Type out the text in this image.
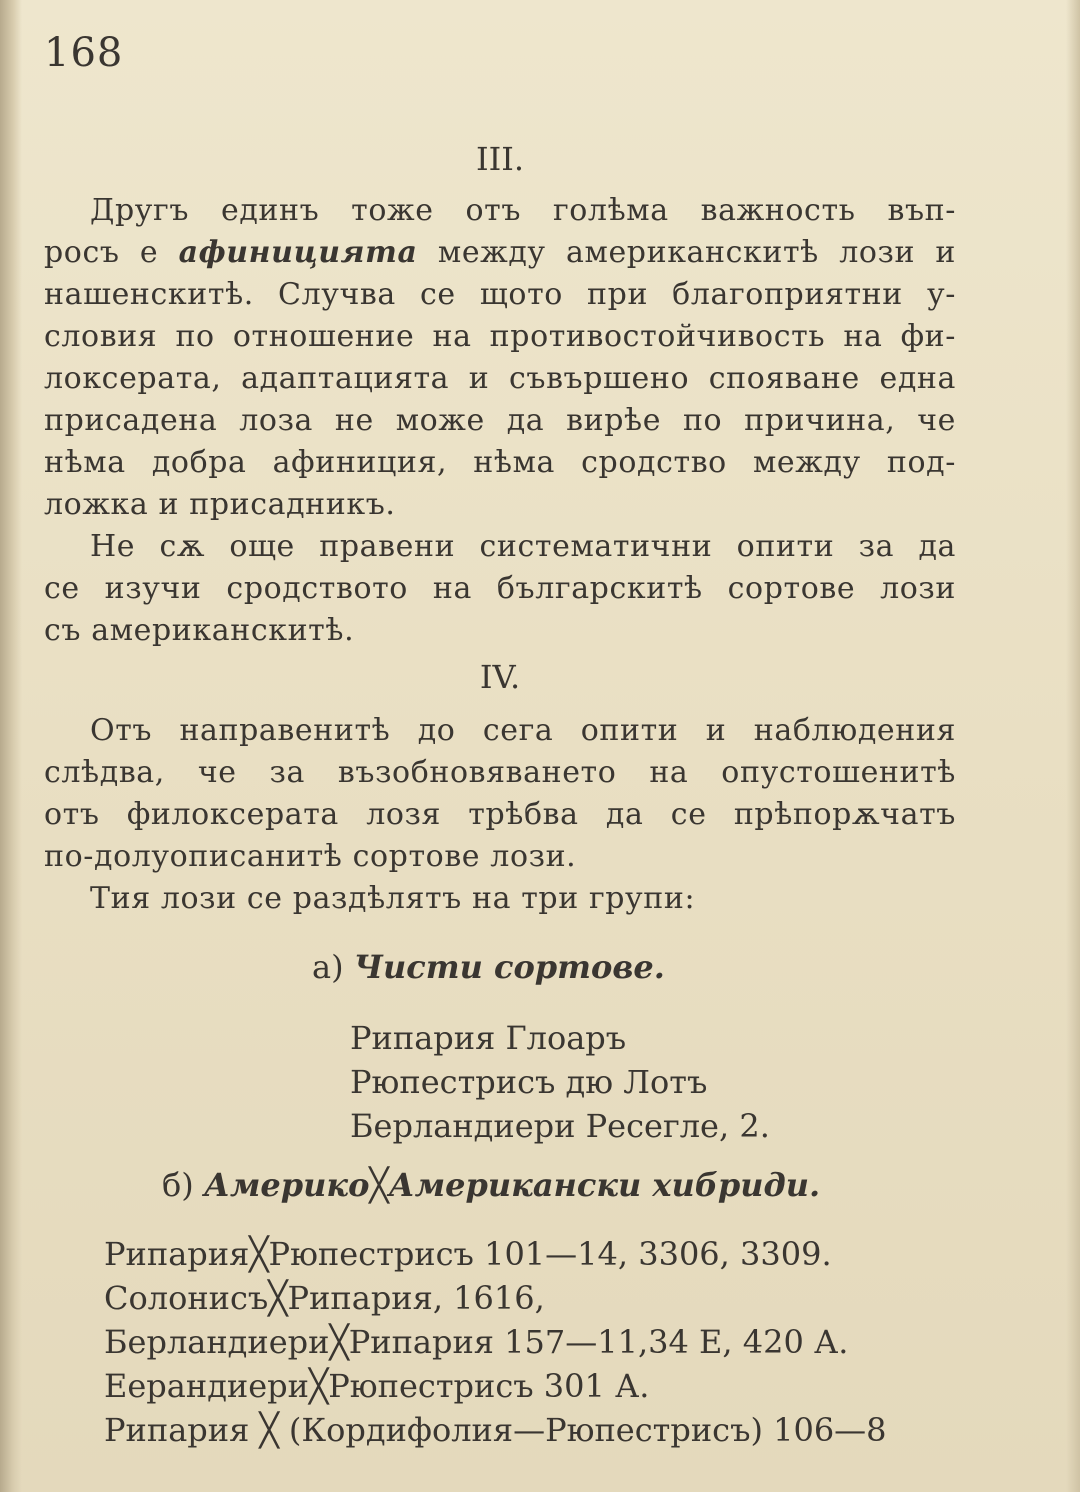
168
III.
Другъ единъ тоже отъ голѣма важность въп-
росъ е афиницията между американскитѣ лози и
нашенскитѣ. Случва се щото при благоприятни у-
словия по отношение на противостойчивость на фи-
локсерата, адаптацията и съвършено спояване една
присадена лоза не може да вирѣе по причина, че
нѣма добра афиниция, нѣма сродство между под-
ложка и присадникъ.
Не сѫ още правени систематични опити за да
се изучи сродството на българскитѣ сортове лози
съ американскитѣ.
IV.
Отъ направенитѣ до сега опити и наблюдения
слѣдва, че за възобновяването на опустошенитѣ
отъ филоксерата лозя трѣбва да се прѣпорѫчатъ
по-долуописанитѣ сортове лози.
Тия лози се раздѣлятъ на три групи:
а) Чисти сортове.
Рипария Глоаръ
Рюпестрисъ дю Лотъ
Берландиери Ресегле, 2.
б) Америко╳Американски хибриди.
Рипария╳Рюпестрисъ 101—14, 3306, 3309.
Солонисъ╳Рипария, 1616,
Берландиери╳Рипария 157—11,34 Е, 420 А.
Еерандиери╳Рюпестрисъ 301 А.
Рипария ╳ (Кордифолия—Рюпестрисъ) 106—8
